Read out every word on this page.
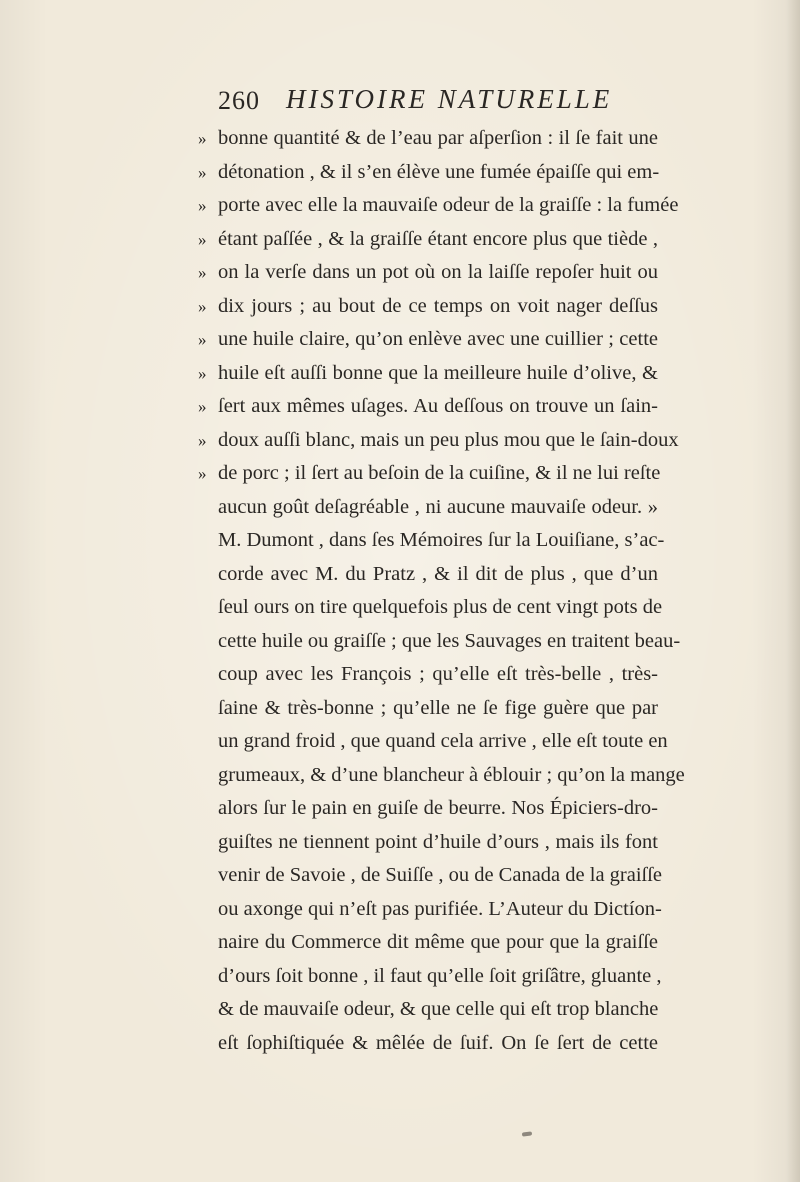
260 HISTOIRE NATURELLE
» bonne quantité & de l’eau par aſperſion : il ſe fait une
» détonation , & il s’en élève une fumée épaiſſe qui em-
» porte avec elle la mauvaiſe odeur de la graiſſe : la fumée
» étant paſſée , & la graiſſe étant encore plus que tiède ,
» on la verſe dans un pot où on la laiſſe repoſer huit ou
» dix jours ; au bout de ce temps on voit nager deſſus
» une huile claire, qu’on enlève avec une cuillier ; cette
» huile eſt auſſi bonne que la meilleure huile d’olive, &
» ſert aux mêmes uſages. Au deſſous on trouve un ſain-
» doux auſſi blanc, mais un peu plus mou que le ſain-doux
» de porc ; il ſert au beſoin de la cuiſine, & il ne lui reſte
aucun goût deſagréable , ni aucune mauvaiſe odeur. »
M. Dumont , dans ſes Mémoires ſur la Louiſiane, s’ac-
corde avec M. du Pratz , & il dit de plus , que d’un
ſeul ours on tire quelquefois plus de cent vingt pots de
cette huile ou graiſſe ; que les Sauvages en traitent beau-
coup avec les François ; qu’elle eſt très-belle , très-
ſaine & très-bonne ; qu’elle ne ſe fige guère que par
un grand froid , que quand cela arrive , elle eſt toute en
grumeaux, & d’une blancheur à éblouir ; qu’on la mange
alors ſur le pain en guiſe de beurre. Nos Épiciers-dro-
guiſtes ne tiennent point d’huile d’ours , mais ils font
venir de Savoie , de Suiſſe , ou de Canada de la graiſſe
ou axonge qui n’eſt pas purifiée. L’Auteur du Dictíon-
naire du Commerce dit même que pour que la graiſſe
d’ours ſoit bonne , il faut qu’elle ſoit griſâtre, gluante ,
& de mauvaiſe odeur, & que celle qui eſt trop blanche
eſt ſophiſtiquée & mêlée de ſuif. On ſe ſert de cette
